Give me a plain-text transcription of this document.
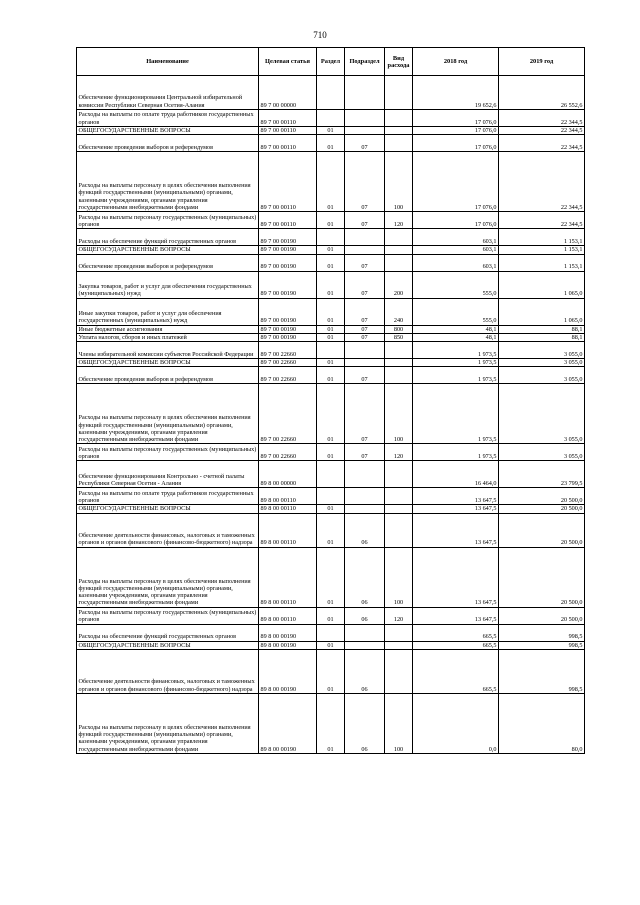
710
Наименование	Целевая статья	Раздел	Подраздел	Вид расхода	2018 год	2019 год
Обеспечение функционирования Центральной избирательной комиссии Республики Северная Осетия-Алания	89 7 00 00000				19 652,6	26 552,6
Расходы на выплаты по оплате труда работников государственных органов	89 7 00 00110				17 076,0	22 344,5
ОБЩЕГОСУДАРСТВЕННЫЕ ВОПРОСЫ	89 7 00 00110	01			17 076,0	22 344,5
Обеспечение проведения выборов и референдумов	89 7 00 00110	01	07		17 076,0	22 344,5
Расходы на выплаты персоналу в целях обеспечения выполнения функций государственными (муниципальными) органами, казенными учреждениями, органами управления государственными внебюджетными фондами	89 7 00 00110	01	07	100	17 076,0	22 344,5
Расходы на выплаты персоналу государственных (муниципальных) органов	89 7 00 00110	01	07	120	17 076,0	22 344,5
Расходы на обеспечение функций государственных органов	89 7 00 00190				603,1	1 153,1
ОБЩЕГОСУДАРСТВЕННЫЕ ВОПРОСЫ	89 7 00 00190	01			603,1	1 153,1
Обеспечение проведения выборов и референдумов	89 7 00 00190	01	07		603,1	1 153,1
Закупка товаров, работ и услуг для обеспечения государственных (муниципальных) нужд	89 7 00 00190	01	07	200	555,0	1 065,0
Иные закупки товаров, работ и услуг для обеспечения государственных (муниципальных) нужд	89 7 00 00190	01	07	240	555,0	1 065,0
Иные бюджетные ассигнования	89 7 00 00190	01	07	800	48,1	88,1
Уплата налогов, сборов и иных платежей	89 7 00 00190	01	07	850	48,1	88,1
Члены избирательной комиссии субъектов Российской Федерации	89 7 00 22660				1 973,5	3 055,0
ОБЩЕГОСУДАРСТВЕННЫЕ ВОПРОСЫ	89 7 00 22660	01			1 973,5	3 055,0
Обеспечение проведения выборов и референдумов	89 7 00 22660	01	07		1 973,5	3 055,0
Расходы на выплаты персоналу в целях обеспечения выполнения функций государственными (муниципальными) органами, казенными учреждениями, органами управления государственными внебюджетными фондами	89 7 00 22660	01	07	100	1 973,5	3 055,0
Расходы на выплаты персоналу государственных (муниципальных) органов	89 7 00 22660	01	07	120	1 973,5	3 055,0
Обеспечение функционирования Контрольно - счетной палаты Республики Северная Осетия - Алания	89 8 00 00000				16 464,0	23 799,5
Расходы на выплаты по оплате труда работников государственных органов	89 8 00 00110				13 647,5	20 500,0
ОБЩЕГОСУДАРСТВЕННЫЕ ВОПРОСЫ	89 8 00 00110	01			13 647,5	20 500,0
Обеспечение деятельности финансовых, налоговых и таможенных органов и органов финансового (финансово-бюджетного) надзора	89 8 00 00110	01	06		13 647,5	20 500,0
Расходы на выплаты персоналу в целях обеспечения выполнения функций государственными (муниципальными) органами, казенными учреждениями, органами управления государственными внебюджетными фондами	89 8 00 00110	01	06	100	13 647,5	20 500,0
Расходы на выплаты персоналу государственных (муниципальных) органов	89 8 00 00110	01	06	120	13 647,5	20 500,0
Расходы на обеспечение функций государственных органов	89 8 00 00190				665,5	998,5
ОБЩЕГОСУДАРСТВЕННЫЕ ВОПРОСЫ	89 8 00 00190	01			665,5	998,5
Обеспечение деятельности финансовых, налоговых и таможенных органов и органов финансового (финансово-бюджетного) надзора	89 8 00 00190	01	06		665,5	998,5
Расходы на выплаты персоналу в целях обеспечения выполнения функций государственными (муниципальными) органами, казенными учреждениями, органами управления государственными внебюджетными фондами	89 8 00 00190	01	06	100	0,0	80,0
